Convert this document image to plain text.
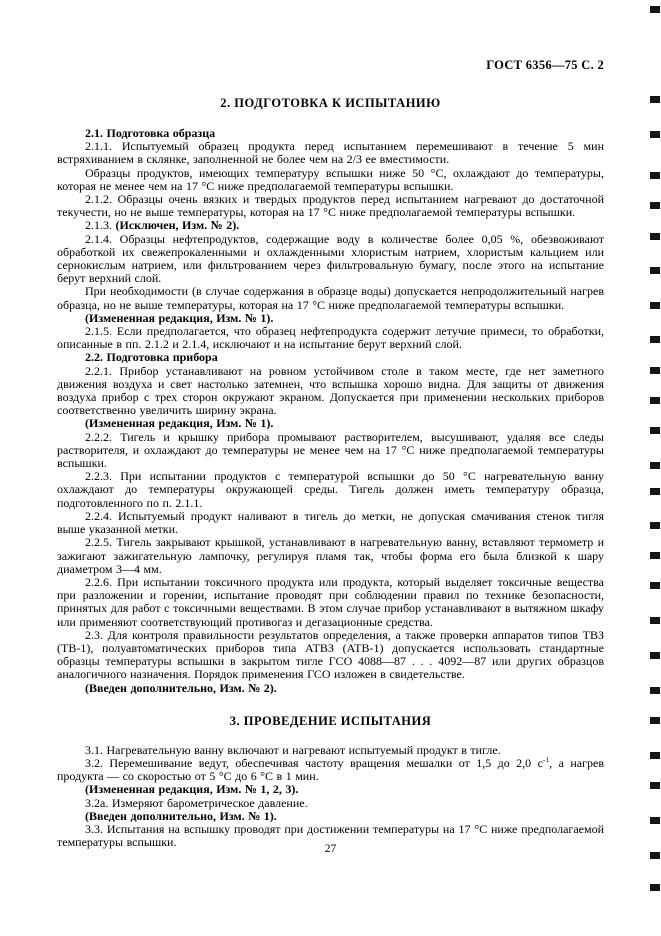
ГОСТ 6356—75 С. 2
2. ПОДГОТОВКА К ИСПЫТАНИЮ

2.1. Подготовка образца

2.1.1. Испытуемый образец продукта перед испытанием перемешивают в течение 5 мин встряхиванием в склянке, заполненной не более чем на 2/3 ее вместимости.

Образцы продуктов, имеющих температуру вспышки ниже 50 °С, охлаждают до температуры, которая не менее чем на 17 °С ниже предполагаемой температуры вспышки.

2.1.2. Образцы очень вязких и твердых продуктов перед испытанием нагревают до достаточной текучести, но не выше температуры, которая на 17 °С ниже предполагаемой температуры вспышки.

2.1.3. (Исключен, Изм. № 2).

2.1.4. Образцы нефтепродуктов, содержащие воду в количестве более 0,05 %, обезвоживают обработкой их свежепрокаленными и охлажденными хлористым натрием, хлористым кальцием или сернокислым натрием, или фильтрованием через фильтровальную бумагу, после этого на испытание берут верхний слой.

При необходимости (в случае содержания в образце воды) допускается непродолжительный нагрев образца, но не выше температуры, которая на 17 °С ниже предполагаемой температуры вспышки.

(Измененная редакция, Изм. № 1).

2.1.5. Если предполагается, что образец нефтепродукта содержит летучие примеси, то обработки, описанные в пп. 2.1.2 и 2.1.4, исключают и на испытание берут верхний слой.

2.2. Подготовка прибора

2.2.1. Прибор устанавливают на ровном устойчивом столе в таком месте, где нет заметного движения воздуха и свет настолько затемнен, что вспышка хорошо видна. Для защиты от движения воздуха прибор с трех сторон окружают экраном. Допускается при применении нескольких приборов соответственно увеличить ширину экрана.

(Измененная редакция, Изм. № 1).

2.2.2. Тигель и крышку прибора промывают растворителем, высушивают, удаляя все следы растворителя, и охлаждают до температуры не менее чем на 17 °С ниже предполагаемой температуры вспышки.

2.2.3. При испытании продуктов с температурой вспышки до 50 °С нагревательную ванну охлаждают до температуры окружающей среды. Тигель должен иметь температуру образца, подготовленного по п. 2.1.1.

2.2.4. Испытуемый продукт наливают в тигель до метки, не допуская смачивания стенок тигля выше указанной метки.

2.2.5. Тигель закрывают крышкой, устанавливают в нагревательную ванну, вставляют термометр и зажигают зажигательную лампочку, регулируя пламя так, чтобы форма его была близкой к шару диаметром 3—4 мм.

2.2.6. При испытании токсичного продукта или продукта, который выделяет токсичные вещества при разложении и горении, испытание проводят при соблюдении правил по технике безопасности, принятых для работ с токсичными веществами. В этом случае прибор устанавливают в вытяжном шкафу или применяют соответствующий противогаз и дегазационные средства.

2.3. Для контроля правильности результатов определения, а также проверки аппаратов типов ТВЗ (ТВ-1), полуавтоматических приборов типа АТВЗ (АТВ-1) допускается использовать стандартные образцы температуры вспышки в закрытом тигле ГСО 4088—87 . . . 4092—87 или других образцов аналогичного назначения. Порядок применения ГСО изложен в свидетельстве.

(Введен дополнительно, Изм. № 2).

3. ПРОВЕДЕНИЕ ИСПЫТАНИЯ

3.1. Нагревательную ванну включают и нагревают испытуемый продукт в тигле.

3.2. Перемешивание ведут, обеспечивая частоту вращения мешалки от 1,5 до 2,0 $с^{-1}$, а нагрев продукта — со скоростью от 5 °С до 6 °С в 1 мин.

(Измененная редакция, Изм. № 1, 2, 3).

3.2а. Измеряют барометрическое давление.

(Введен дополнительно, Изм. № 1).

3.3. Испытания на вспышку проводят при достижении температуры на 17 °С ниже предполагаемой температуры вспышки.	27
